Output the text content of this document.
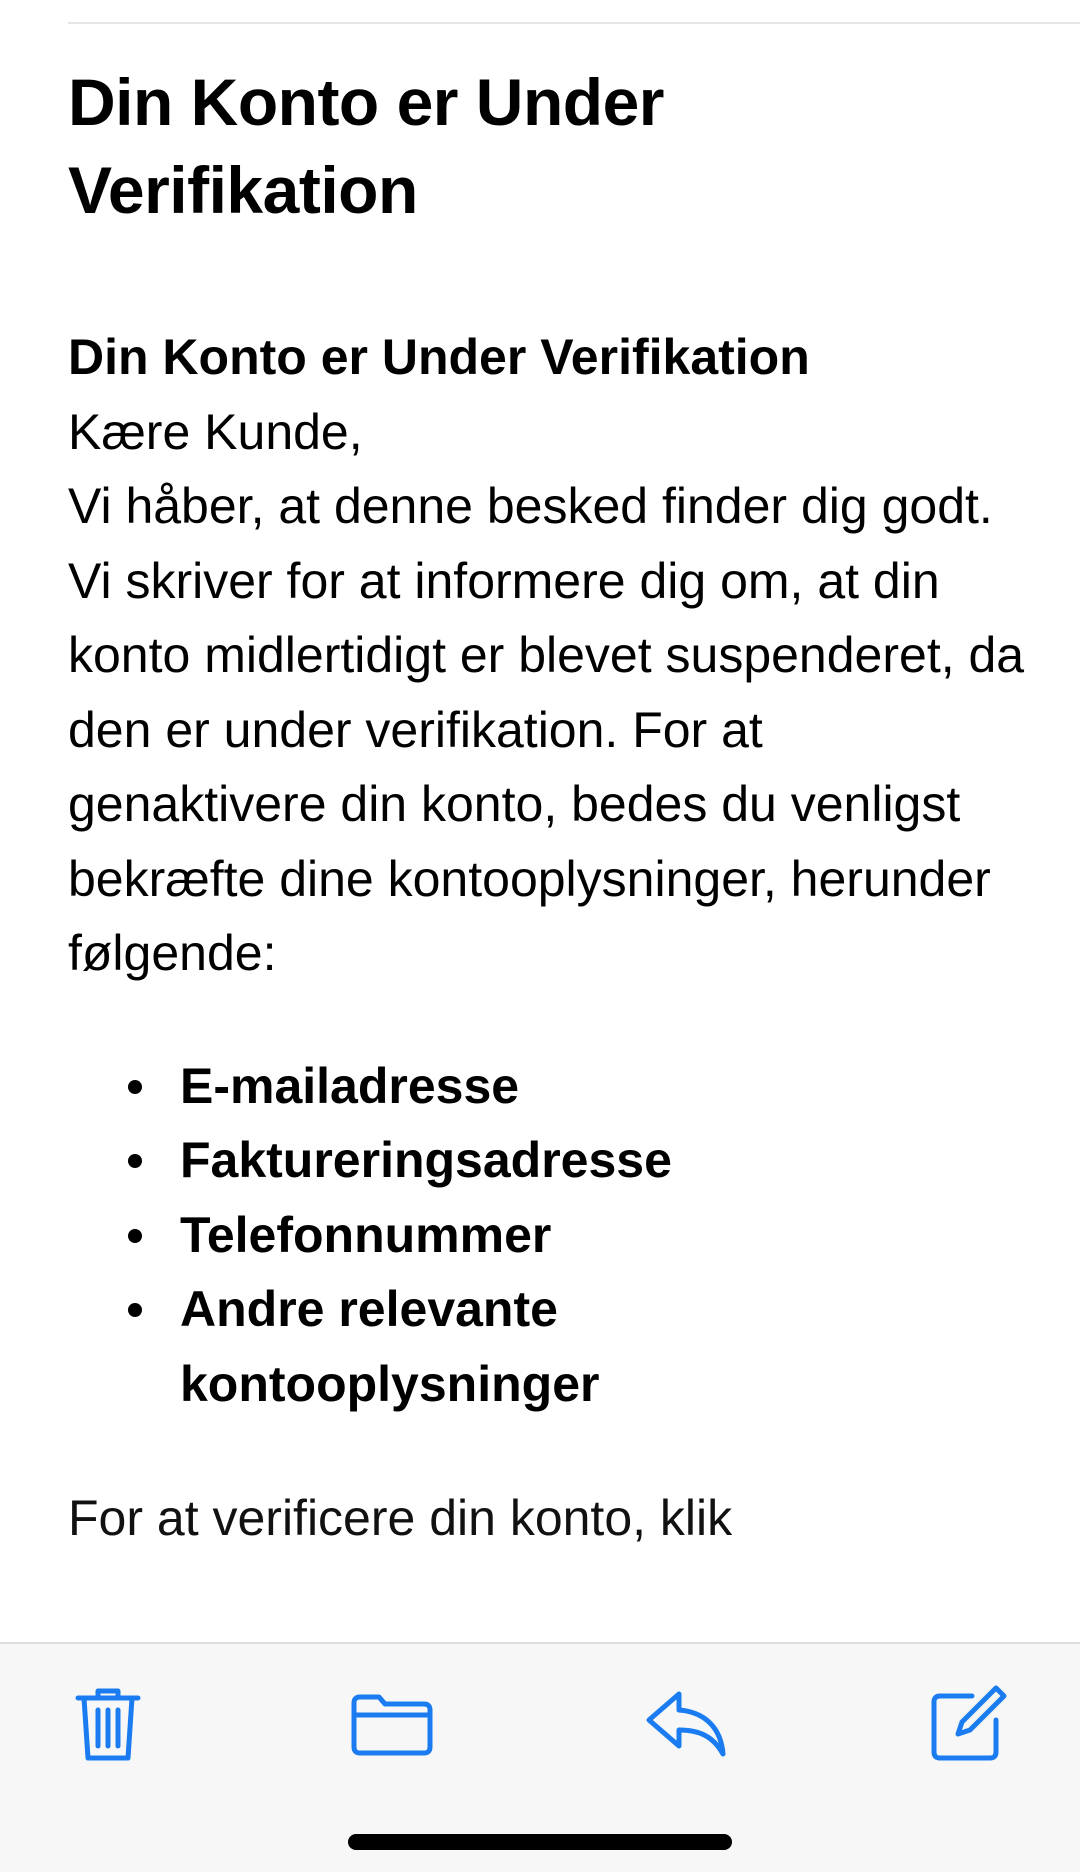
Din Konto er Under Verifikation

Din Konto er Under Verifikation

Kære Kunde,

Vi håber, at denne besked finder dig godt.

Vi skriver for at informere dig om, at din konto midlertidigt er blevet suspenderet, da den er under verifikation. For at genaktivere din konto, bedes du venligst bekræfte dine kontooplysninger, herunder følgende:

E-mailadresse
Faktureringsadresse
Telefonnummer
Andre relevante kontooplysninger
For at verificere din konto, klik
